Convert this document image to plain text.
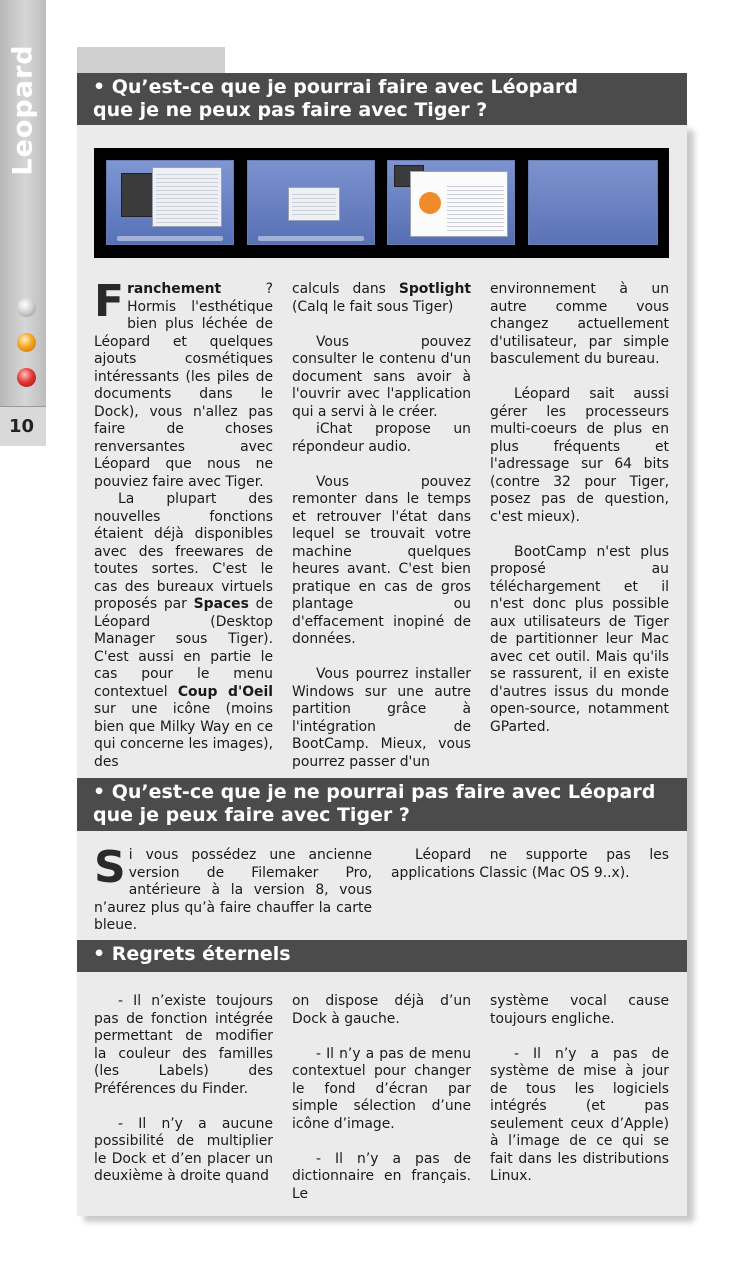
Leopard
10
• Qu’est-ce que je pourrai faire avec Léopard
que je ne peux pas faire avec Tiger ?

Franchement ? Hormis l'esthétique bien plus léchée de Léopard et quelques ajouts cosmétiques intéressants (les piles de documents dans le Dock), vous n'allez pas faire de choses renversantes avec Léopard que nous ne pouviez faire avec Tiger.

La plupart des nouvelles fonctions étaient déjà disponibles avec des freewares de toutes sortes. C'est le cas des bureaux virtuels proposés par Spaces de Léopard (Desktop Manager sous Tiger). C'est aussi en partie le cas pour le menu contextuel Coup d'Oeil sur une icône (moins bien que Milky Way en ce qui concerne les images), des

calculs dans Spotlight (Calq le fait sous Tiger)

Vous pouvez consulter le contenu d'un document sans avoir à l'ouvrir avec l'application qui a servi à le créer.

iChat propose un répondeur audio.

Vous pouvez remonter dans le temps et retrouver l'état dans lequel se trouvait votre machine quelques heures avant. C'est bien pratique en cas de gros plantage ou d'effacement inopiné de données.

Vous pourrez installer Windows sur une autre partition grâce à l'intégration de BootCamp. Mieux, vous pourrez passer d'un

environnement à un autre comme vous changez actuellement d'utilisateur, par simple basculement du bureau.

Léopard sait aussi gérer les processeurs multi-coeurs de plus en plus fréquents et l'adressage sur 64 bits (contre 32 pour Tiger, posez pas de question, c'est mieux).

BootCamp n'est plus proposé au téléchargement et il n'est donc plus possible aux utilisateurs de Tiger de partitionner leur Mac avec cet outil. Mais qu'ils se rassurent, il en existe d'autres issus du monde open-source, notamment GParted.

• Qu’est-ce que je ne pourrai pas faire avec Léopard
que je peux faire avec Tiger ?

Si vous possédez une ancienne version de Filemaker Pro, antérieure à la version 8, vous n’aurez plus qu’à faire chauffer la carte bleue.

Léopard ne supporte pas les applications Classic (Mac OS 9..x).

• Regrets éternels

- Il n’existe toujours pas de fonction intégrée permettant de modifier la couleur des familles (les Labels) des Préférences du Finder.

- Il n’y a aucune possibilité de multiplier le Dock et d’en placer un deuxième à droite quand

on dispose déjà d’un Dock à gauche.

- Il n’y a pas de menu contextuel pour changer le fond d’écran par simple sélection d’une icône d’image.

- Il n’y a pas de dictionnaire en français. Le

système vocal cause toujours engliche.

- Il n’y a pas de système de mise à jour de tous les logiciels intégrés (et pas seulement ceux d’Apple) à l’image de ce qui se fait dans les distributions Linux.
